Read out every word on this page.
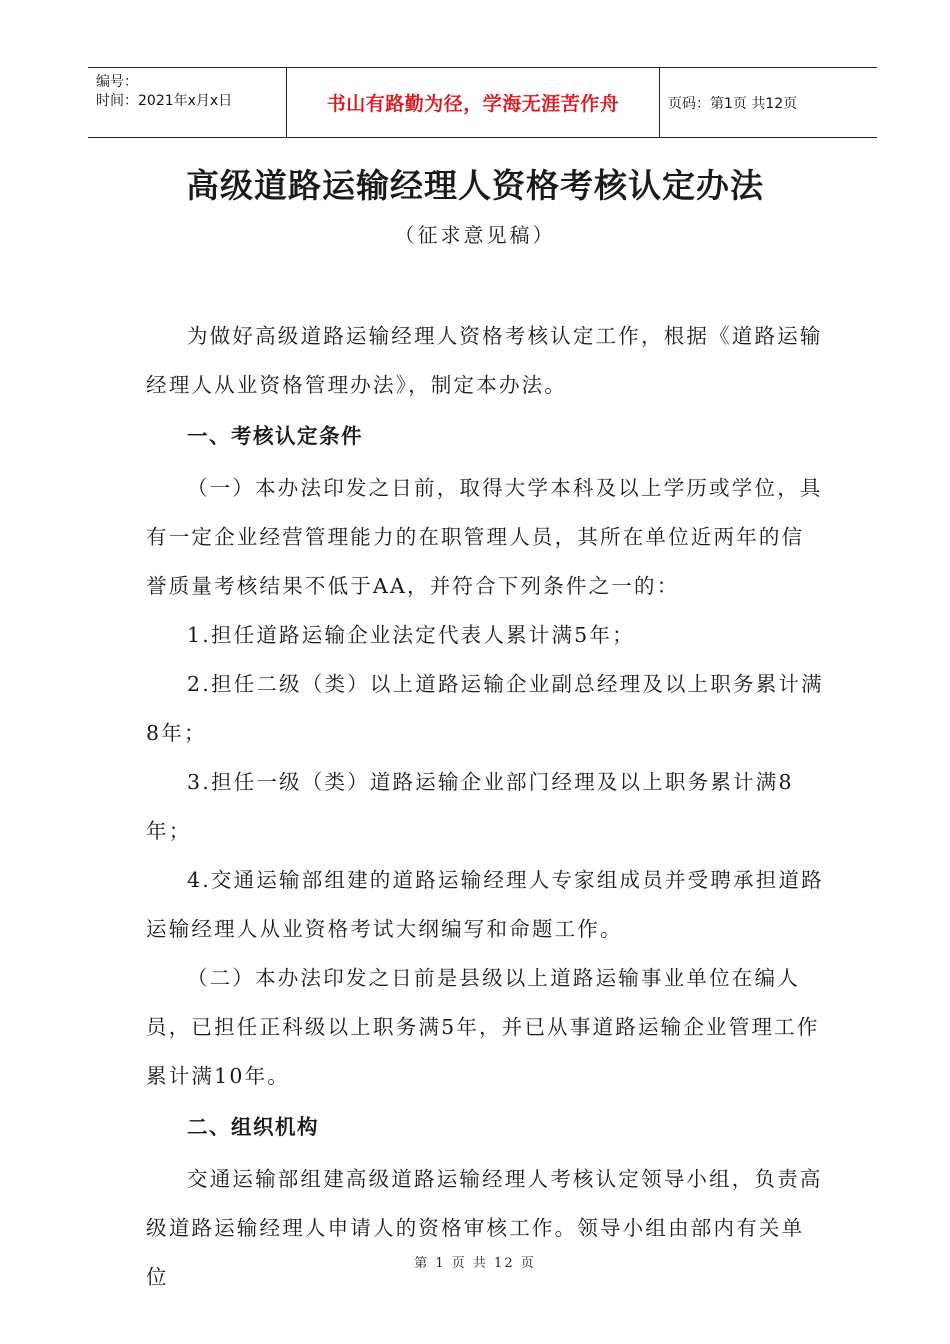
编号：
时间：2021年x月x日	书山有路勤为径，学海无涯苦作舟	页码：第1页 共12页
高级道路运输经理人资格考核认定办法
（征求意见稿）

为做好高级道路运输经理人资格考核认定工作，根据《道路运输经理人从业资格管理办法》，制定本办法。

一、考核认定条件

（一）本办法印发之日前，取得大学本科及以上学历或学位，具有一定企业经营管理能力的在职管理人员，其所在单位近两年的信誉质量考核结果不低于AA，并符合下列条件之一的：

1.担任道路运输企业法定代表人累计满5年；

2.担任二级（类）以上道路运输企业副总经理及以上职务累计满8年；

3.担任一级（类）道路运输企业部门经理及以上职务累计满8年；

4.交通运输部组建的道路运输经理人专家组成员并受聘承担道路运输经理人从业资格考试大纲编写和命题工作。

（二）本办法印发之日前是县级以上道路运输事业单位在编人员，已担任正科级以上职务满5年，并已从事道路运输企业管理工作累计满10年。

二、组织机构

交通运输部组建高级道路运输经理人考核认定领导小组，负责高级道路运输经理人申请人的资格审核工作。领导小组由部内有关单位

第 1 页 共 12 页
